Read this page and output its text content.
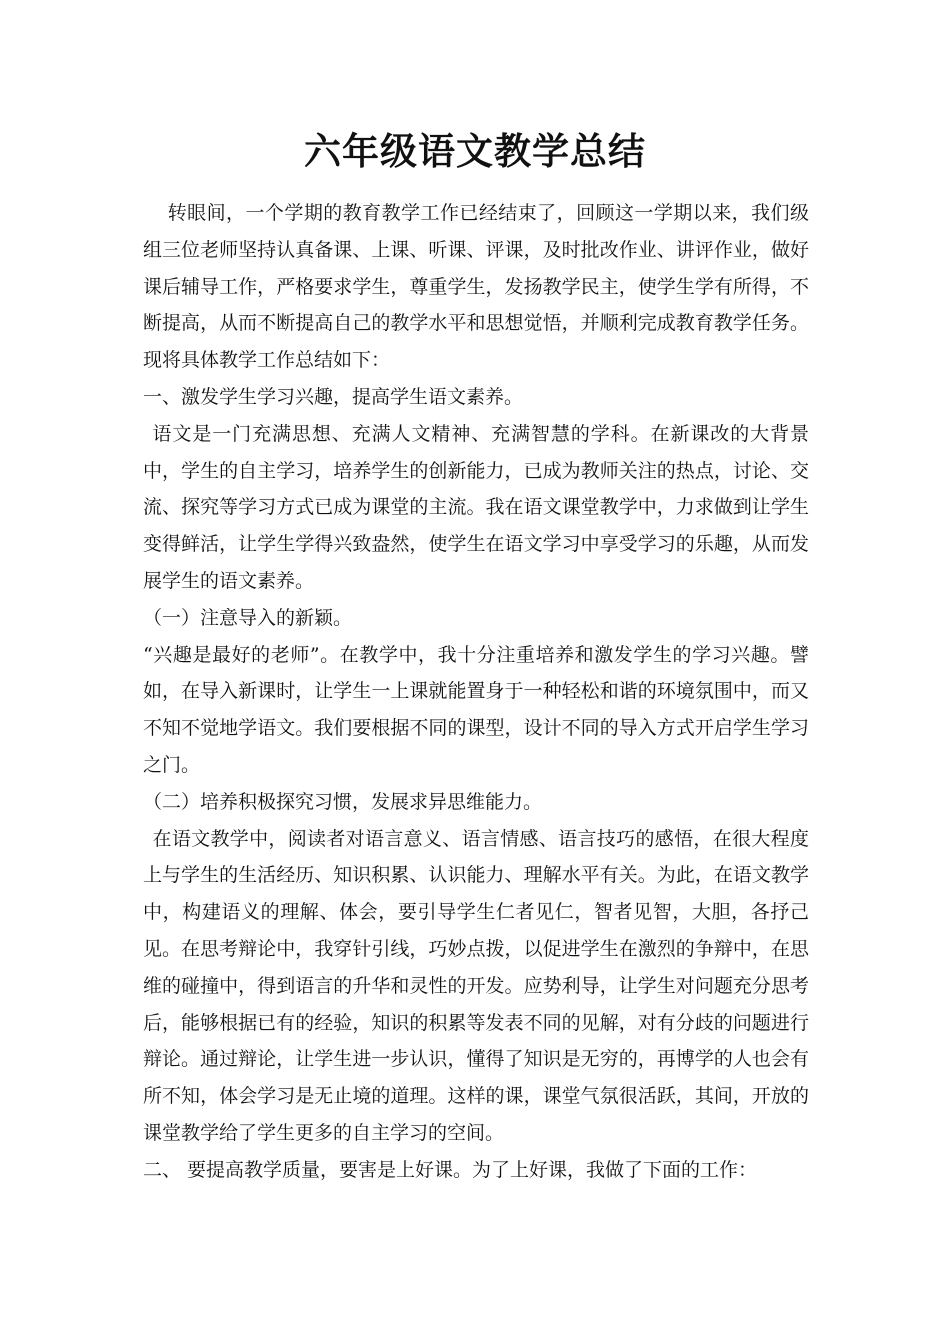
六年级语文教学总结

转眼间，一个学期的教育教学工作已经结束了，回顾这一学期以来，我们级组三位老师坚持认真备课、上课、听课、评课，及时批改作业、讲评作业，做好课后辅导工作，严格要求学生，尊重学生，发扬教学民主，使学生学有所得，不断提高，从而不断提高自己的教学水平和思想觉悟，并顺利完成教育教学任务。现将具体教学工作总结如下：

一、激发学生学习兴趣，提高学生语文素养。

语文是一门充满思想、充满人文精神、充满智慧的学科。在新课改的大背景中，学生的自主学习，培养学生的创新能力，已成为教师关注的热点，讨论、交流、探究等学习方式已成为课堂的主流。我在语文课堂教学中，力求做到让学生变得鲜活，让学生学得兴致盎然，使学生在语文学习中享受学习的乐趣，从而发展学生的语文素养。

（一）注意导入的新颖。

“兴趣是最好的老师”。在教学中，我十分注重培养和激发学生的学习兴趣。譬如，在导入新课时，让学生一上课就能置身于一种轻松和谐的环境氛围中，而又不知不觉地学语文。我们要根据不同的课型，设计不同的导入方式开启学生学习之门。

（二）培养积极探究习惯，发展求异思维能力。

在语文教学中，阅读者对语言意义、语言情感、语言技巧的感悟，在很大程度上与学生的生活经历、知识积累、认识能力、理解水平有关。为此，在语文教学中，构建语义的理解、体会，要引导学生仁者见仁，智者见智，大胆，各抒己见。在思考辩论中，我穿针引线，巧妙点拨，以促进学生在激烈的争辩中，在思维的碰撞中，得到语言的升华和灵性的开发。应势利导，让学生对问题充分思考后，能够根据已有的经验，知识的积累等发表不同的见解，对有分歧的问题进行辩论。通过辩论，让学生进一步认识，懂得了知识是无穷的，再博学的人也会有所不知，体会学习是无止境的道理。这样的课，课堂气氛很活跃，其间，开放的课堂教学给了学生更多的自主学习的空间。

二、 要提高教学质量，要害是上好课。为了上好课，我做了下面的工作：
